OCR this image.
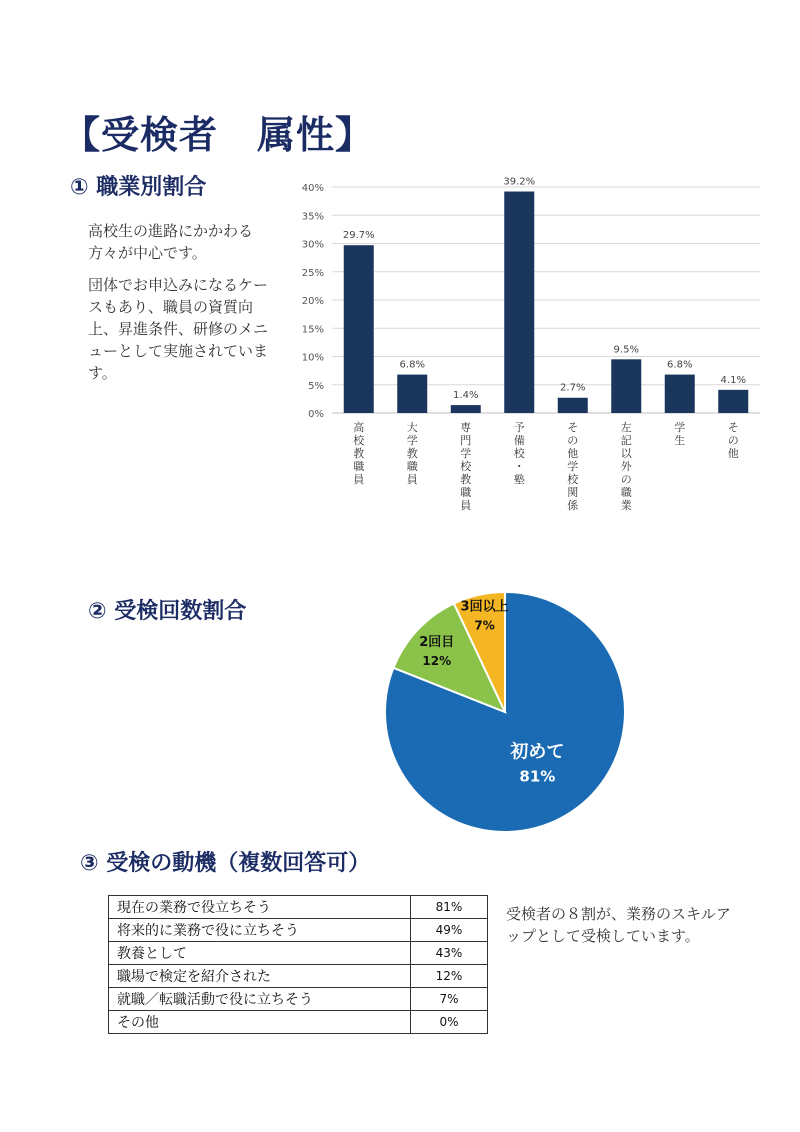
【受検者　属性】
① 職業別割合

高校生の進路にかかわる方々が中心です。

団体でお申込みになるケースもあり、職員の資質向上、昇進条件、研修のメニューとして実施されています。

0%
5%
10%
15%
20%
25%
30%
35%
40%
29.7%
高
校
教
職
員
6.8%
大
学
教
職
員
1.4%
専
門
学
校
教
職
員
39.2%
予
備
校
・
塾
2.7%
そ
の
他
学
校
関
係
9.5%
左
記
以
外
の
職
業
6.8%
学
生
4.1%
そ
の
他
② 受検回数割合
初めて
81%
2回目
12%
3回以上
7%
③ 受検の動機（複数回答可）
現在の業務で役立ちそう	81%
将来的に業務で役に立ちそう	49%
教養として	43%
職場で検定を紹介された	12%
就職／転職活動で役に立ちそう	7%
その他	0%
受検者の８割が、業務のスキルアップとして受検しています。
